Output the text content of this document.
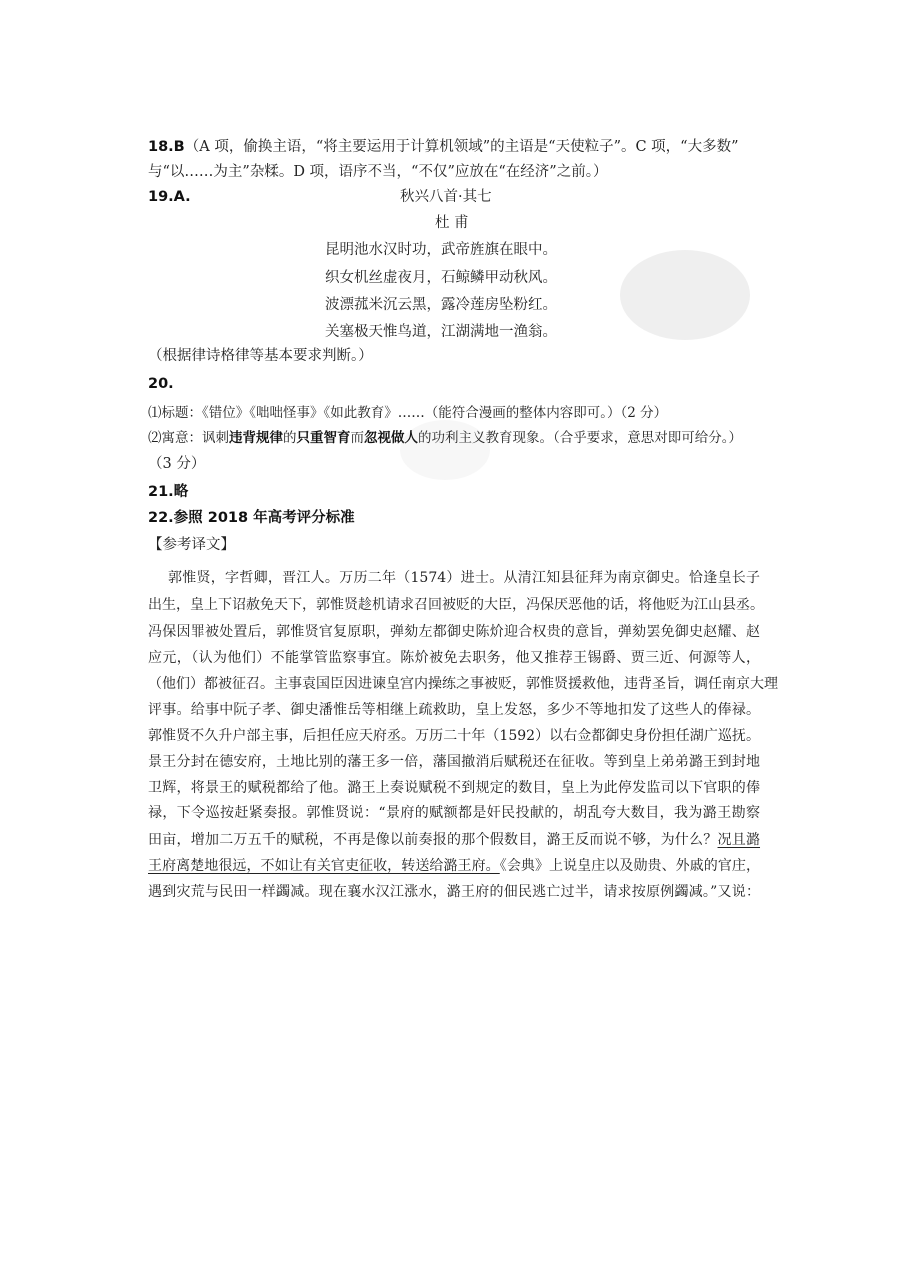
18.B（A 项，偷换主语，“将主要运用于计算机领域”的主语是“天使粒子”。C 项，“大多数”
与“以……为主”杂糅。D 项，语序不当，“不仅”应放在“在经济”之前。）
19.A.	秋兴八首·其七
杜 甫
昆明池水汉时功，武帝旌旗在眼中。
织女机丝虚夜月，石鲸鳞甲动秋风。
波漂菰米沉云黑，露冷莲房坠粉红。
关塞极天惟鸟道，江湖满地一渔翁。
（根据律诗格律等基本要求判断。）
20.
⑴标题：《错位》《咄咄怪事》《如此教育》……（能符合漫画的整体内容即可。）（2 分）
⑵寓意：讽刺违背规律的只重智育而忽视做人的功利主义教育现象。（合乎要求，意思对即可给分。）
（3 分）
21.略
22.参照 2018 年高考评分标准
【参考译文】
郭惟贤，字哲卿，晋江人。万历二年（1574）进士。从清江知县征拜为南京御史。恰逢皇长子
出生，皇上下诏赦免天下，郭惟贤趁机请求召回被贬的大臣，冯保厌恶他的话，将他贬为江山县丞。
冯保因罪被处置后，郭惟贤官复原职，弹劾左都御史陈炌迎合权贵的意旨，弹劾罢免御史赵耀、赵
应元，（认为他们）不能掌管监察事宜。陈炌被免去职务，他又推荐王锡爵、贾三近、何源等人，
（他们）都被征召。主事袁国臣因进谏皇宫内操练之事被贬，郭惟贤援救他，违背圣旨，调任南京大理
评事。给事中阮子孝、御史潘惟岳等相继上疏救助，皇上发怒，多少不等地扣发了这些人的俸禄。
郭惟贤不久升户部主事，后担任应天府丞。万历二十年（1592）以右佥都御史身份担任湖广巡抚。
景王分封在德安府，土地比别的藩王多一倍，藩国撤消后赋税还在征收。等到皇上弟弟潞王到封地
卫辉，将景王的赋税都给了他。潞王上奏说赋税不到规定的数目，皇上为此停发监司以下官职的俸
禄，下令巡按赶紧奏报。郭惟贤说：“景府的赋额都是奸民投献的，胡乱夸大数目，我为潞王勘察
田亩，增加二万五千的赋税，不再是像以前奏报的那个假数目，潞王反而说不够，为什么？况且潞
王府离楚地很远，不如让有关官吏征收，转送给潞王府。《会典》上说皇庄以及勋贵、外戚的官庄，
遇到灾荒与民田一样蠲减。现在襄水汉江涨水，潞王府的佃民逃亡过半，请求按原例蠲减。”又说：
